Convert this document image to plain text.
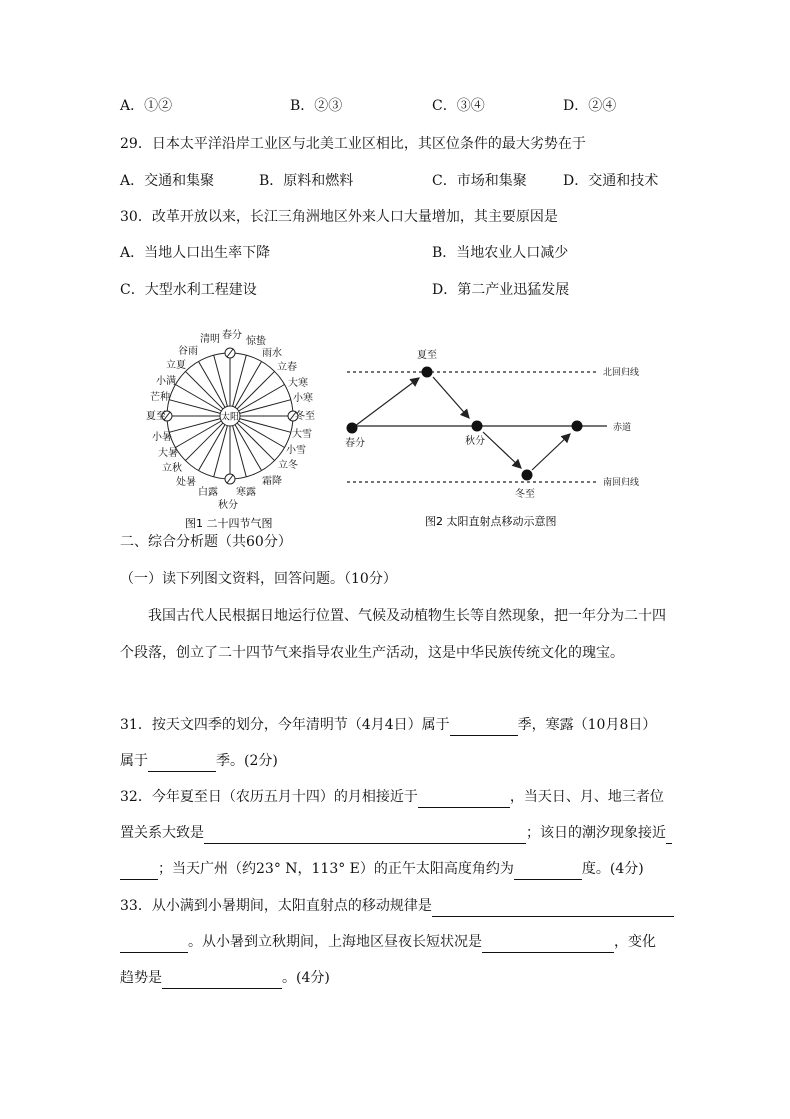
A．①②	B．②③	C．③④	D．②④
29．日本太平洋沿岸工业区与北美工业区相比，其区位条件的最大劣势在于
A．交通和集聚	B．原料和燃料	C．市场和集聚	D．交通和技术
30．改革开放以来，长江三角洲地区外来人口大量增加，其主要原因是
A．当地人口出生率下降	B．当地农业人口减少
C．大型水利工程建设	D．第二产业迅猛发展
太阳
春分
惊蛰
雨水
立春
大寒
小寒
冬至
大雪
小雪
立冬
霜降
寒露
秋分
白露
处暑
立秋
大暑
小暑
夏至
芒种
小满
立夏
谷雨
清明
图1 二十四节气图
夏至
春分	秋分
冬至
北回归线
赤道
南回归线
图2 太阳直射点移动示意图
二、综合分析题（共60分）
（一）读下列图文资料，回答问题。（10分）
我国古代人民根据日地运行位置、气候及动植物生长等自然现象，把一年分为二十四
个段落，创立了二十四节气来指导农业生产活动，这是中华民族传统文化的瑰宝。
31．按天文四季的划分，今年清明节（4月4日）属于	季，寒露（10月8日）
属于	季。(2分)
32．今年夏至日（农历五月十四）的月相接近于	，当天日、月、地三者位
置关系大致是	；该日的潮汐现象接近
；当天广州（约23° N，113° E）的正午太阳高度角约为	度。(4分)
33．从小满到小暑期间，太阳直射点的移动规律是
。从小暑到立秋期间，上海地区昼夜长短状况是	，变化
趋势是	。(4分)
